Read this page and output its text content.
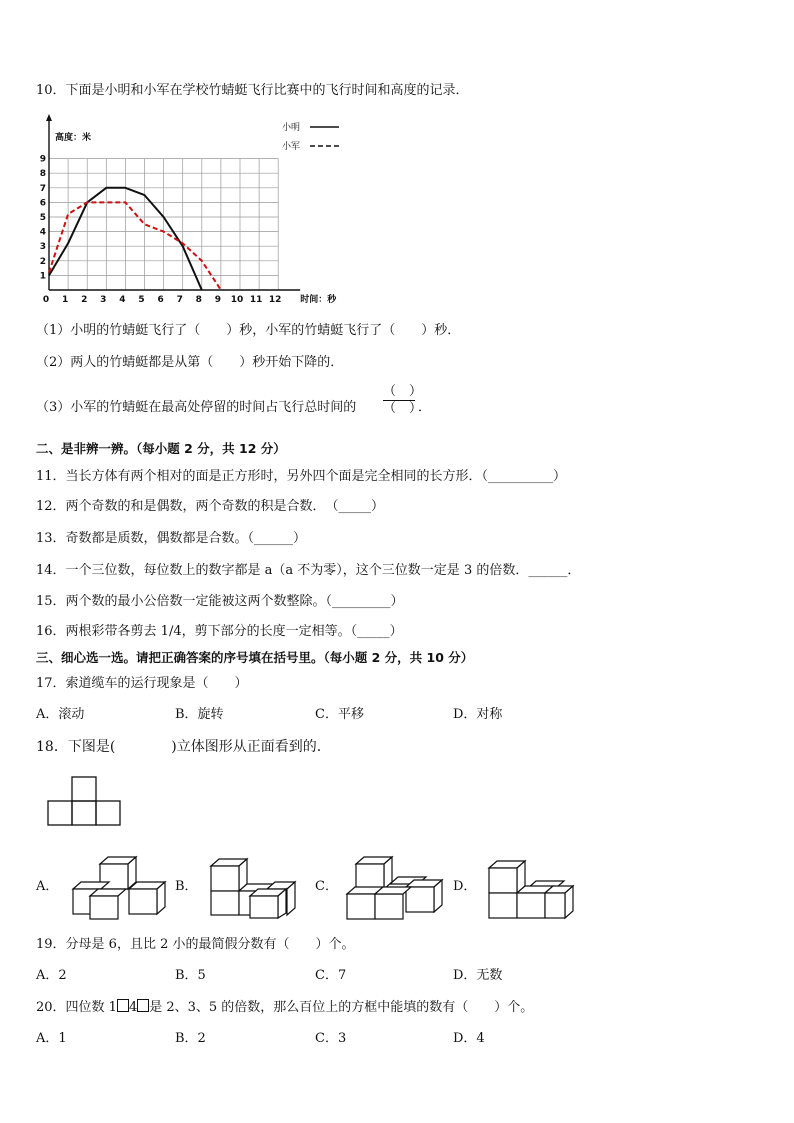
10．下面是小明和小军在学校竹蜻蜓飞行比赛中的飞行时间和高度的记录．
0 1 2 3 4 5 6 7 8 9 10 11 12
1
2
3
4
5
6
7
8
9
高度：米
时间：秒
小明
小军
（1）小明的竹蜻蜓飞行了（　　）秒，小军的竹蜻蜓飞行了（　　）秒．
（2）两人的竹蜻蜓都是从第（　　）秒开始下降的．
（3）小军的竹蜻蜓在最高处停留的时间占飞行总时间的
（　）
（　）
．
二、是非辨一辨。（每小题 2 分，共 12 分）
11．当长方体有两个相对的面是正方形时，另外四个面是完全相同的长方形．（__________）
12．两个奇数的和是偶数，两个奇数的积是合数．　（_____）
13．奇数都是质数，偶数都是合数。（______）
14．一个三位数，每位数上的数字都是 a（a 不为零），这个三位数一定是 3 的倍数．______．
15．两个数的最小公倍数一定能被这两个数整除。（_________）
16．两根彩带各剪去 1/4，剪下部分的长度一定相等。（_____）
三、细心选一选。请把正确答案的序号填在括号里。（每小题 2 分，共 10 分）
17．索道缆车的运行现象是（　　）
A．滚动	B．旋转	C．平移	D．对称
18．下图是(　　　　)立体图形从正面看到的.
A．	B．	C．	D．
19．分母是 6，且比 2 小的最简假分数有（　　）个。
A．2	B．5	C．7	D．无数
20．四位数 1 4 是 2、3、5 的倍数，那么百位上的方框中能填的数有（　　）个。
A．1	B．2	C．3	D．4
